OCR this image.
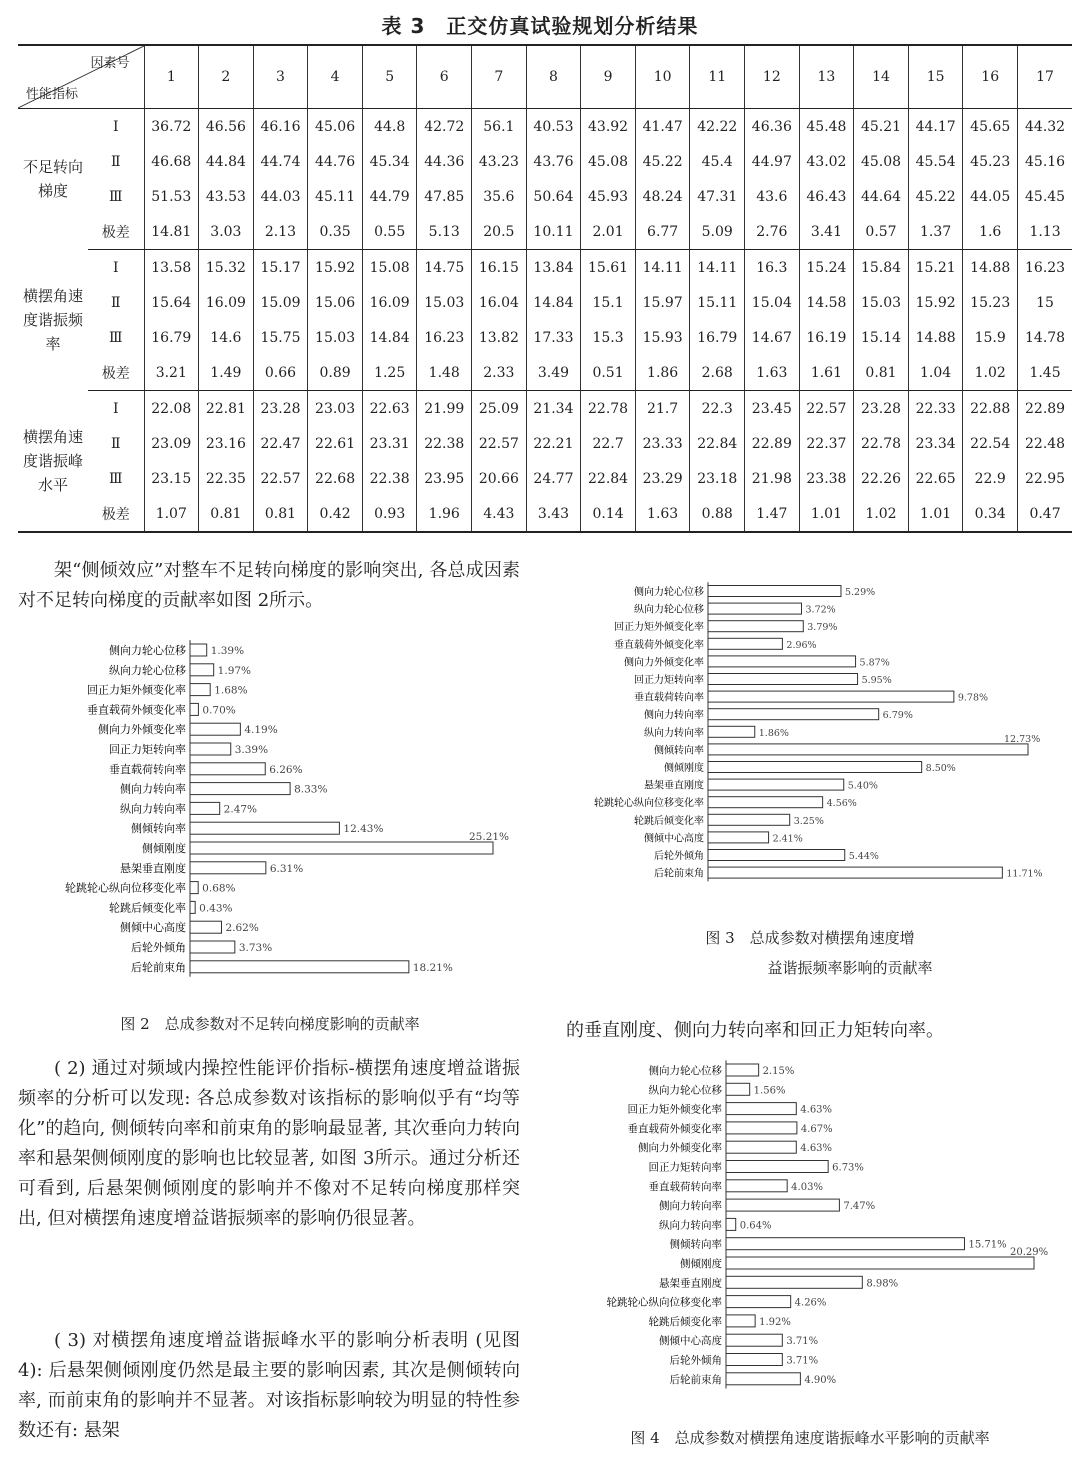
表 3　正交仿真试验规划分析结果
因素号
性能指标		1	2	3	4	5	6	7	8	9	10	11	12	13	14	15	16	17
不足转向梯度	Ⅰ	36.72	46.56	46.16	45.06	44.8	42.72	56.1	40.53	43.92	41.47	42.22	46.36	45.48	45.21	44.17	45.65	44.32
	Ⅱ	46.68	44.84	44.74	44.76	45.34	44.36	43.23	43.76	45.08	45.22	45.4	44.97	43.02	45.08	45.54	45.23	45.16
	Ⅲ	51.53	43.53	44.03	45.11	44.79	47.85	35.6	50.64	45.93	48.24	47.31	43.6	46.43	44.64	45.22	44.05	45.45
	极差	14.81	3.03	2.13	0.35	0.55	5.13	20.5	10.11	2.01	6.77	5.09	2.76	3.41	0.57	1.37	1.6	1.13
横摆角速度谐振频率	Ⅰ	13.58	15.32	15.17	15.92	15.08	14.75	16.15	13.84	15.61	14.11	14.11	16.3	15.24	15.84	15.21	14.88	16.23
	Ⅱ	15.64	16.09	15.09	15.06	16.09	15.03	16.04	14.84	15.1	15.97	15.11	15.04	14.58	15.03	15.92	15.23	15
	Ⅲ	16.79	14.6	15.75	15.03	14.84	16.23	13.82	17.33	15.3	15.93	16.79	14.67	16.19	15.14	14.88	15.9	14.78
	极差	3.21	1.49	0.66	0.89	1.25	1.48	2.33	3.49	0.51	1.86	2.68	1.63	1.61	0.81	1.04	1.02	1.45
横摆角速度谐振峰水平	Ⅰ	22.08	22.81	23.28	23.03	22.63	21.99	25.09	21.34	22.78	21.7	22.3	23.45	22.57	23.28	22.33	22.88	22.89
	Ⅱ	23.09	23.16	22.47	22.61	23.31	22.38	22.57	22.21	22.7	23.33	22.84	22.89	22.37	22.78	23.34	22.54	22.48
	Ⅲ	23.15	22.35	22.57	22.68	22.38	23.95	20.66	24.77	22.84	23.29	23.18	21.98	23.38	22.26	22.65	22.9	22.95
	极差	1.07	0.81	0.81	0.42	0.93	1.96	4.43	3.43	0.14	1.63	0.88	1.47	1.01	1.02	1.01	0.34	0.47
架“侧倾效应”对整车不足转向梯度的影响突出, 各总成因素对不足转向梯度的贡献率如图 2所示。
( 2) 通过对频域内操控性能评价指标-横摆角速度增益谐振频率的分析可以发现: 各总成参数对该指标的影响似乎有“均等化”的趋向, 侧倾转向率和前束角的影响最显著, 其次垂向力转向率和悬架侧倾刚度的影响也比较显著, 如图 3所示。通过分析还可看到, 后悬架侧倾刚度的影响并不像对不足转向梯度那样突出, 但对横摆角速度增益谐振频率的影响仍很显著。
( 3) 对横摆角速度增益谐振峰水平的影响分析表明 (见图 4): 后悬架侧倾刚度仍然是最主要的影响因素, 其次是侧倾转向率, 而前束角的影响并不显著。对该指标影响较为明显的特性参数还有: 悬架
的垂直刚度、侧向力转向率和回正力矩转向率。
侧向力轮心位移 1.39%
纵向力轮心位移	1.97%
回正力矩外倾变化率	1.68%
垂直载荷外倾变化率 0.70%
侧向力外倾变化率	4.19%
回正力矩转向率	3.39%
垂直载荷转向率	6.26%
侧向力转向率	8.33%
纵向力转向率	2.47%
侧倾转向率	12.43%
侧倾刚度
25.21%
悬架垂直刚度	6.31%
轮跳轮心纵向位移变化率 0.68%
轮跳后倾变化率 0.43%
侧倾中心高度	2.62%
后轮外倾角	3.73%
后轮前束角	18.21%
侧向力轮心位移	5.29%
纵向力轮心位移	3.72%
回正力矩外倾变化率	3.79%
垂直载荷外倾变化率	2.96%
侧向力外倾变化率	5.87%
回正力矩转向率	5.95%
垂直载荷转向率	9.78%
侧向力转向率	6.79%
纵向力转向率	1.86%
侧倾转向率
12.73%
侧倾刚度	8.50%
悬架垂直刚度	5.40%
轮跳轮心纵向位移变化率	4.56%
轮跳后倾变化率	3.25%
侧倾中心高度	2.41%
后轮外倾角	5.44%
后轮前束角	11.71%
侧向力轮心位移	2.15%
纵向力轮心位移	1.56%
回正力矩外倾变化率	4.63%
垂直载荷外倾变化率	4.67%
侧向力外倾变化率	4.63%
回正力矩转向率	6.73%
垂直载荷转向率	4.03%
侧向力转向率	7.47%
纵向力转向率 0.64%
侧倾转向率	15.71%
侧倾刚度
20.29%
悬架垂直刚度	8.98%
轮跳轮心纵向位移变化率	4.26%
轮跳后倾变化率	1.92%
侧倾中心高度	3.71%
后轮外倾角	3.71%
后轮前束角	4.90%
图 2　总成参数对不足转向梯度影响的贡献率
图 3　总成参数对横摆角速度增
益谐振频率影响的贡献率
图 4　总成参数对横摆角速度谐振峰水平影响的贡献率
